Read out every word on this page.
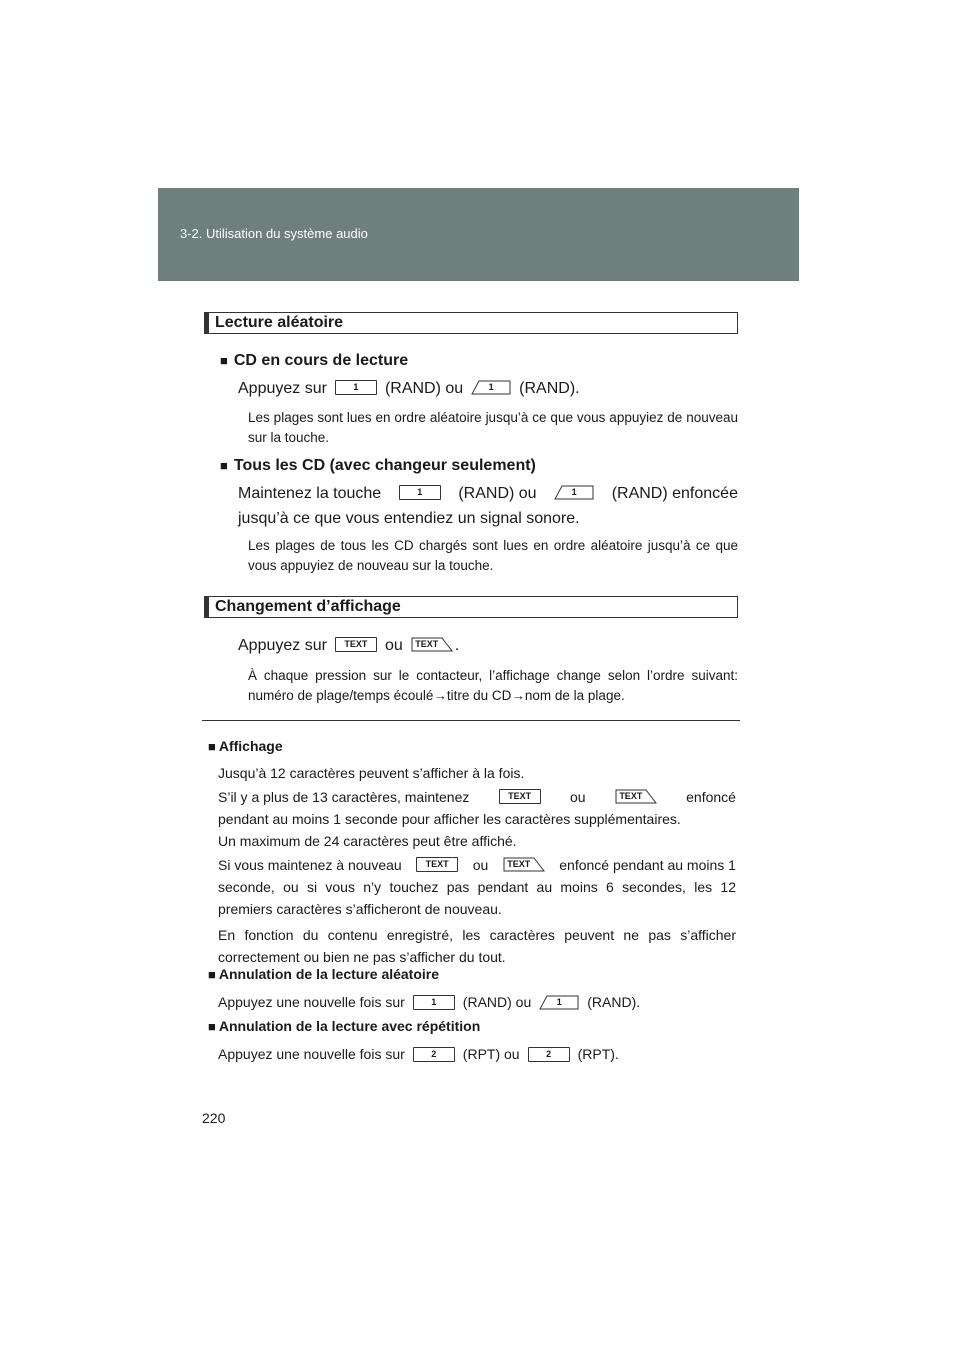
3-2. Utilisation du système audio
Lecture aléatoire
■ CD en cours de lecture
Appuyez sur	1 (RAND) ou	1	(RAND).
Les plages sont lues en ordre aléatoire jusqu’à ce que vous appuyiez de nouveau sur la touche.
■ Tous les CD (avec changeur seulement)
Maintenez la touche	1	(RAND) ou	1	(RAND) enfoncée
jusqu’à ce que vous entendiez un signal sonore.
Les plages de tous les CD chargés sont lues en ordre aléatoire jusqu’à ce que vous appuyiez de nouveau sur la touche.
Changement d’affichage
Appuyez sur TEXT ou	TEXT .
À chaque pression sur le contacteur, l’affichage change selon l’ordre suivant: numéro de plage/temps écoulé→titre du CD→nom de la plage.
■ Affichage
Jusqu’à 12 caractères peuvent s’afficher à la fois.
S’il y a plus de 13 caractères, maintenez	TEXT	ou	TEXT	enfoncé
pendant au moins 1 seconde pour afficher les caractères supplémentaires.
Un maximum de 24 caractères peut être affiché.
Si vous maintenez à nouveau	TEXT	ou	TEXT	enfoncé pendant au moins 1
seconde, ou si vous n’y touchez pas pendant au moins 6 secondes, les 12 premiers caractères s’afficheront de nouveau.
En fonction du contenu enregistré, les caractères peuvent ne pas s’afficher correctement ou bien ne pas s’afficher du tout.
■ Annulation de la lecture aléatoire
Appuyez une nouvelle fois sur	1 (RAND) ou	1	(RAND).
■ Annulation de la lecture avec répétition
Appuyez une nouvelle fois sur	2 (RPT) ou	2 (RPT).
220
